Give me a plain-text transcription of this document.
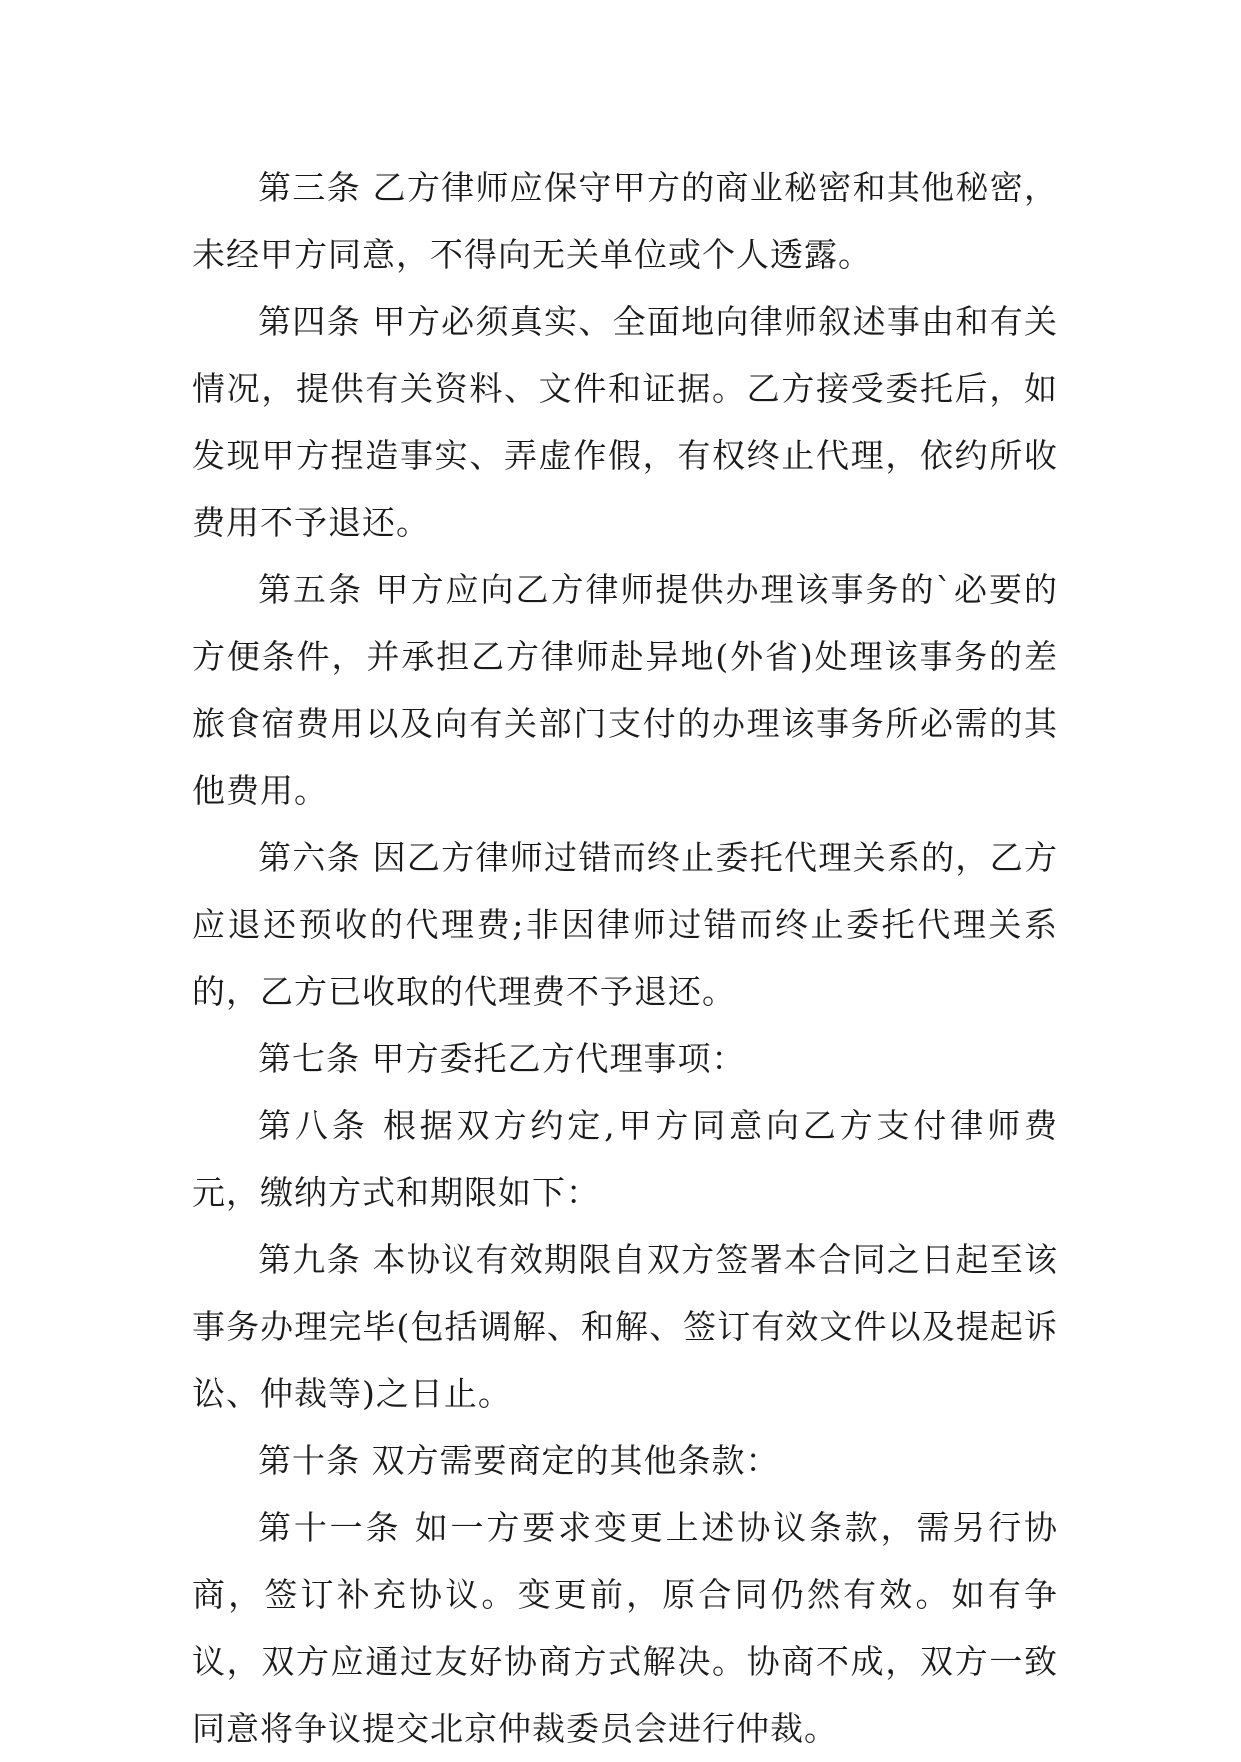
第三条 乙方律师应保守甲方的商业秘密和其他秘密，未经甲方同意，不得向无关单位或个人透露。

第四条 甲方必须真实、全面地向律师叙述事由和有关情况，提供有关资料、文件和证据。乙方接受委托后，如发现甲方捏造事实、弄虚作假，有权终止代理，依约所收费用不予退还。

第五条 甲方应向乙方律师提供办理该事务的`必要的方便条件，并承担乙方律师赴异地(外省)处理该事务的差旅食宿费用以及向有关部门支付的办理该事务所必需的其他费用。

第六条 因乙方律师过错而终止委托代理关系的，乙方应退还预收的代理费;非因律师过错而终止委托代理关系的，乙方已收取的代理费不予退还。

第七条 甲方委托乙方代理事项：

第八条 根据双方约定,甲方同意向乙方支付律师费 元，缴纳方式和期限如下：

第九条 本协议有效期限自双方签署本合同之日起至该事务办理完毕(包括调解、和解、签订有效文件以及提起诉讼、仲裁等)之日止。

第十条 双方需要商定的其他条款：

第十一条 如一方要求变更上述协议条款，需另行协商，签订补充协议。变更前，原合同仍然有效。如有争议，双方应通过友好协商方式解决。协商不成，双方一致同意将争议提交北京仲裁委员会进行仲裁。
